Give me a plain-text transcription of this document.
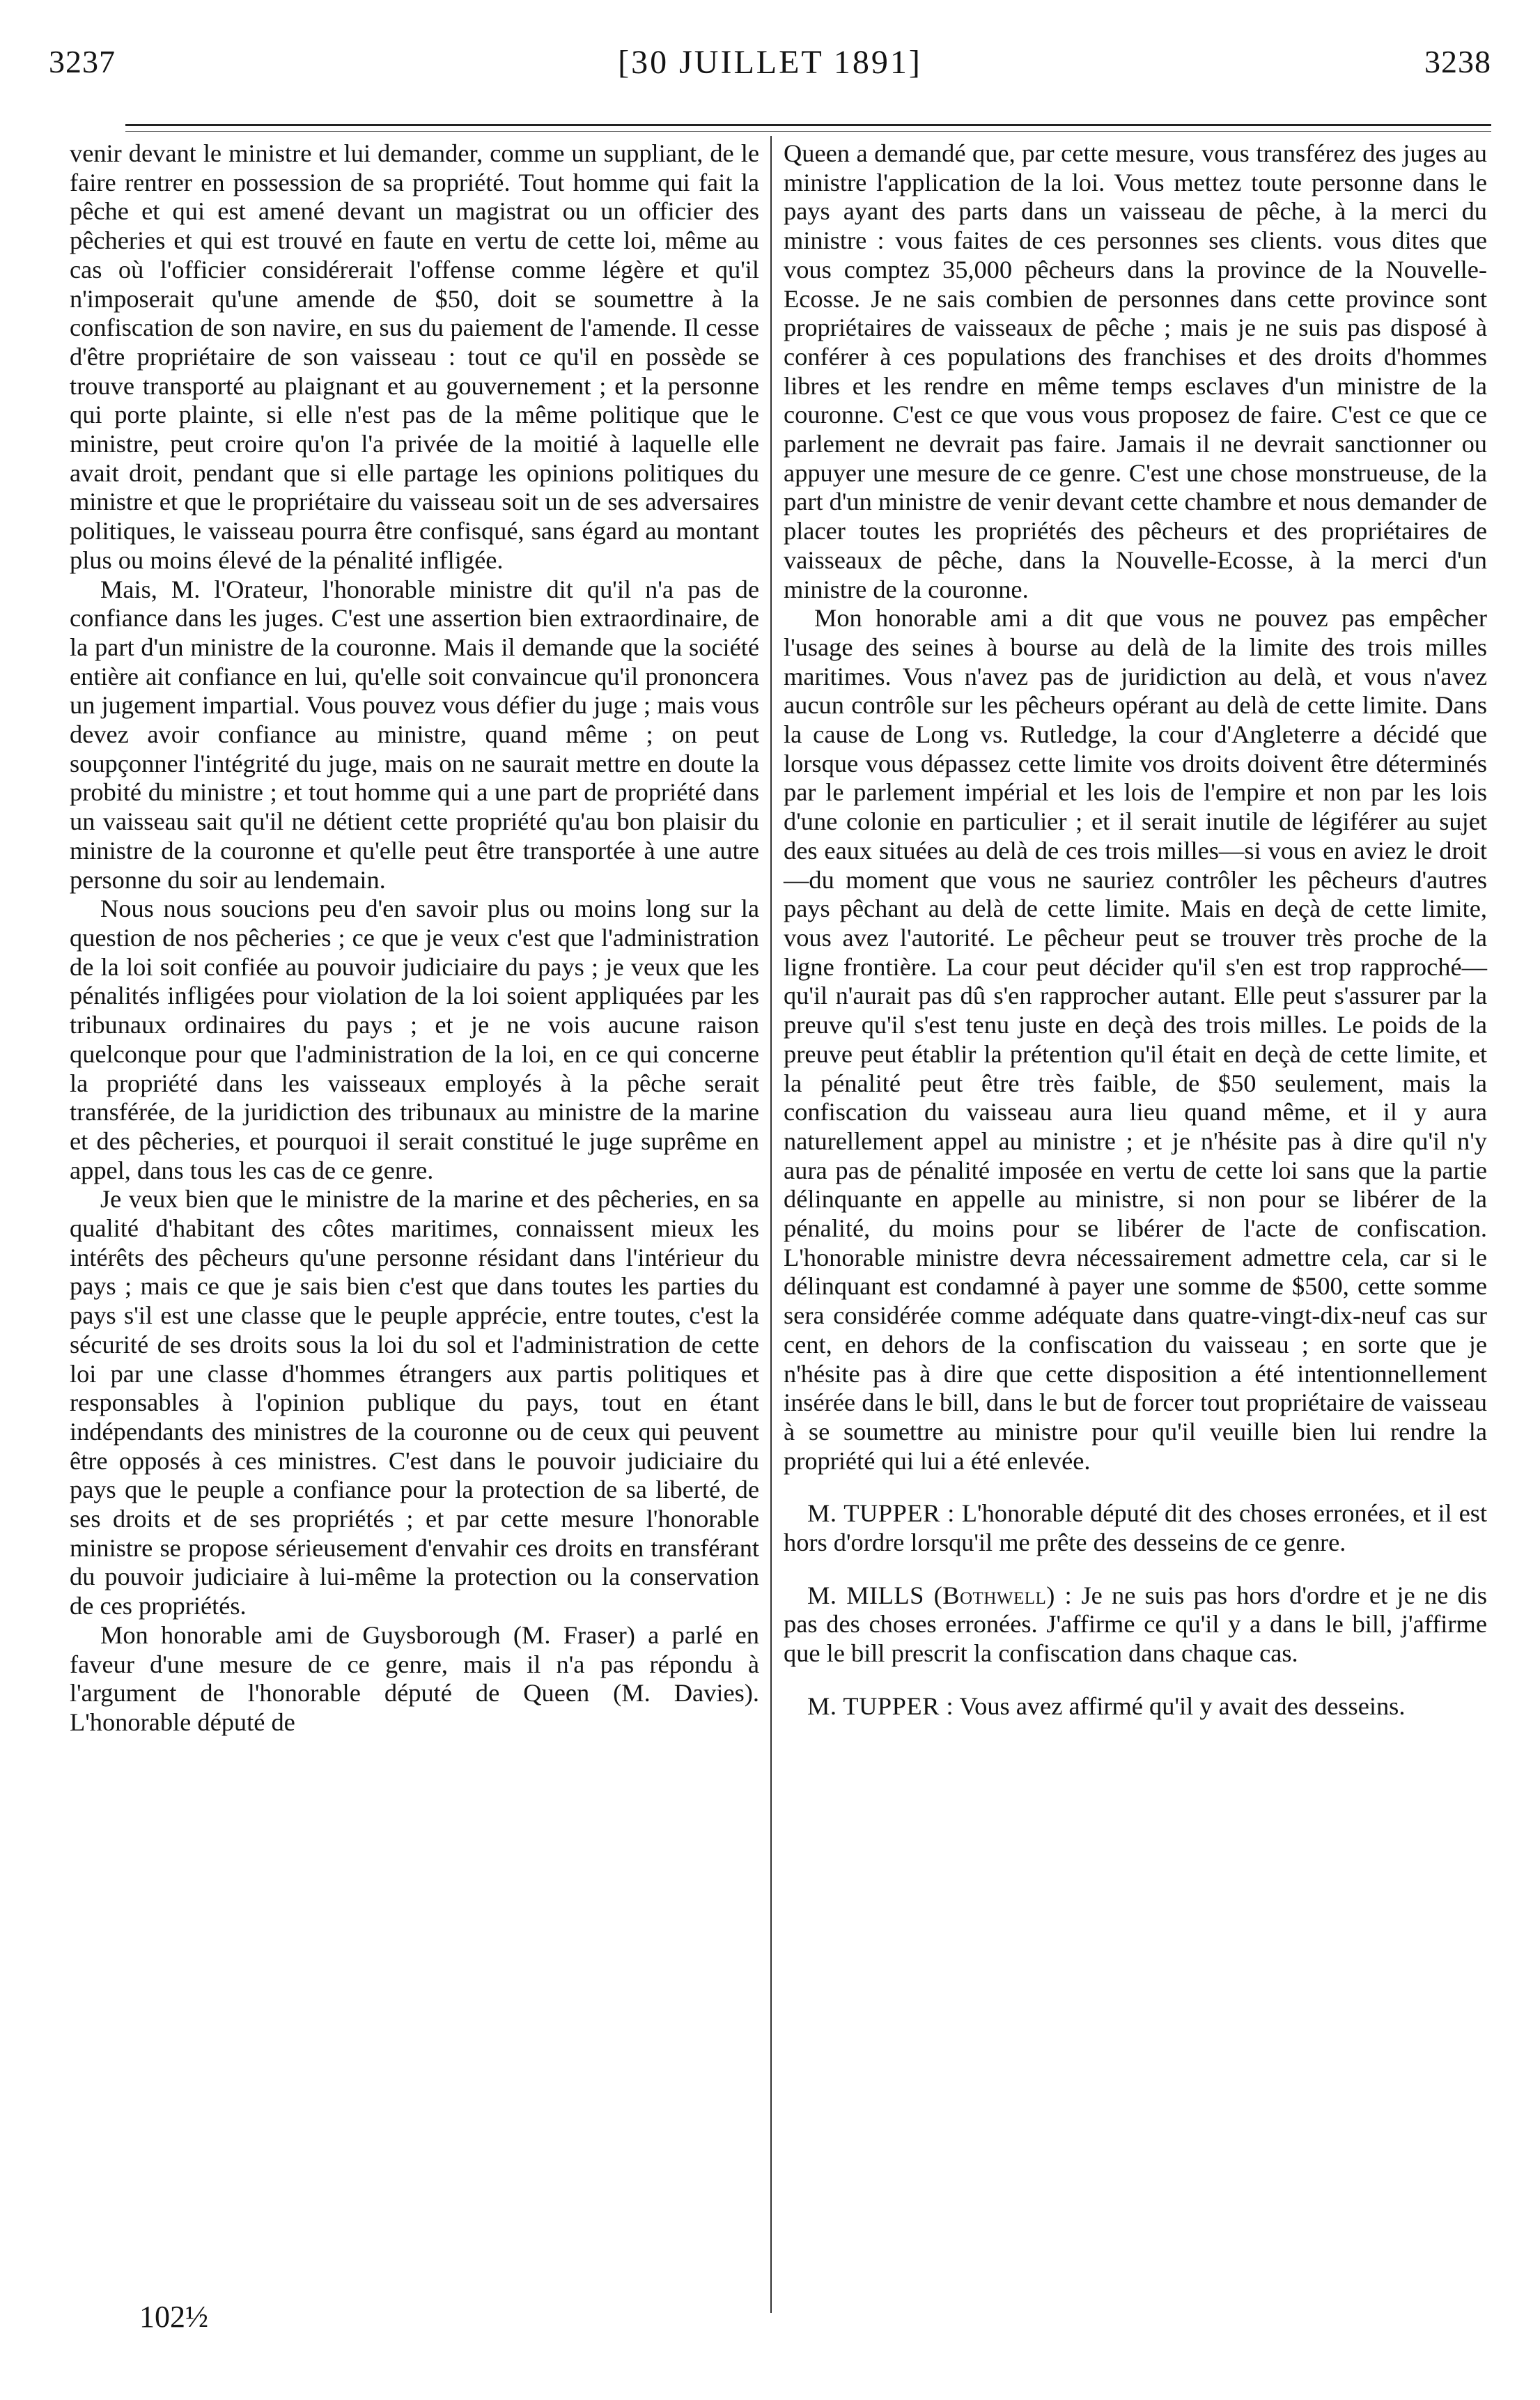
3237	[30 JUILLET 1891]	3238

venir devant le ministre et lui demander, comme un suppliant, de le faire rentrer en possession de sa propriété. Tout homme qui fait la pêche et qui est amené devant un magistrat ou un officier des pêcheries et qui est trouvé en faute en vertu de cette loi, même au cas où l'officier considérerait l'offense comme légère et qu'il n'imposerait qu'une amende de $50, doit se soumettre à la confiscation de son navire, en sus du paiement de l'amende. Il cesse d'être propriétaire de son vaisseau : tout ce qu'il en possède se trouve transporté au plaignant et au gouvernement ; et la personne qui porte plainte, si elle n'est pas de la même politique que le ministre, peut croire qu'on l'a privée de la moitié à laquelle elle avait droit, pendant que si elle partage les opinions politiques du ministre et que le propriétaire du vaisseau soit un de ses adversaires politiques, le vaisseau pourra être confisqué, sans égard au montant plus ou moins élevé de la pénalité infligée.

Mais, M. l'Orateur, l'honorable ministre dit qu'il n'a pas de confiance dans les juges. C'est une assertion bien extraordinaire, de la part d'un ministre de la couronne. Mais il demande que la société entière ait confiance en lui, qu'elle soit convaincue qu'il prononcera un jugement impartial. Vous pouvez vous défier du juge ; mais vous devez avoir confiance au ministre, quand même ; on peut soupçonner l'intégrité du juge, mais on ne saurait mettre en doute la probité du ministre ; et tout homme qui a une part de propriété dans un vaisseau sait qu'il ne détient cette propriété qu'au bon plaisir du ministre de la couronne et qu'elle peut être transportée à une autre personne du soir au lendemain.

Nous nous soucions peu d'en savoir plus ou moins long sur la question de nos pêcheries ; ce que je veux c'est que l'administration de la loi soit confiée au pouvoir judiciaire du pays ; je veux que les pénalités infligées pour violation de la loi soient appliquées par les tribunaux ordinaires du pays ; et je ne vois aucune raison quelconque pour que l'administration de la loi, en ce qui concerne la propriété dans les vaisseaux employés à la pêche serait transférée, de la juridiction des tribunaux au ministre de la marine et des pêcheries, et pourquoi il serait constitué le juge suprême en appel, dans tous les cas de ce genre.

Je veux bien que le ministre de la marine et des pêcheries, en sa qualité d'habitant des côtes maritimes, connaissent mieux les intérêts des pêcheurs qu'une personne résidant dans l'intérieur du pays ; mais ce que je sais bien c'est que dans toutes les parties du pays s'il est une classe que le peuple apprécie, entre toutes, c'est la sécurité de ses droits sous la loi du sol et l'administration de cette loi par une classe d'hommes étrangers aux partis politiques et responsables à l'opinion publique du pays, tout en étant indépendants des ministres de la couronne ou de ceux qui peuvent être opposés à ces ministres. C'est dans le pouvoir judiciaire du pays que le peuple a confiance pour la protection de sa liberté, de ses droits et de ses propriétés ; et par cette mesure l'honorable ministre se propose sérieusement d'envahir ces droits en transférant du pouvoir judiciaire à lui-même la protection ou la conservation de ces propriétés.

Mon honorable ami de Guysborough (M. Fraser) a parlé en faveur d'une mesure de ce genre, mais il n'a pas répondu à l'argument de l'honorable député de Queen (M. Davies). L'honorable député de

Queen a demandé que, par cette mesure, vous transférez des juges au ministre l'application de la loi. Vous mettez toute personne dans le pays ayant des parts dans un vaisseau de pêche, à la merci du ministre : vous faites de ces personnes ses clients. vous dites que vous comptez 35,000 pêcheurs dans la province de la Nouvelle-Ecosse. Je ne sais combien de personnes dans cette province sont propriétaires de vaisseaux de pêche ; mais je ne suis pas disposé à conférer à ces populations des franchises et des droits d'hommes libres et les rendre en même temps esclaves d'un ministre de la couronne. C'est ce que vous vous proposez de faire. C'est ce que ce parlement ne devrait pas faire. Jamais il ne devrait sanctionner ou appuyer une mesure de ce genre. C'est une chose monstrueuse, de la part d'un ministre de venir devant cette chambre et nous demander de placer toutes les propriétés des pêcheurs et des propriétaires de vaisseaux de pêche, dans la Nouvelle-Ecosse, à la merci d'un ministre de la couronne.

Mon honorable ami a dit que vous ne pouvez pas empêcher l'usage des seines à bourse au delà de la limite des trois milles maritimes. Vous n'avez pas de juridiction au delà, et vous n'avez aucun contrôle sur les pêcheurs opérant au delà de cette limite. Dans la cause de Long vs. Rutledge, la cour d'Angleterre a décidé que lorsque vous dépassez cette limite vos droits doivent être déterminés par le parlement impérial et les lois de l'empire et non par les lois d'une colonie en particulier ; et il serait inutile de légiférer au sujet des eaux situées au delà de ces trois milles—si vous en aviez le droit—du moment que vous ne sauriez contrôler les pêcheurs d'autres pays pêchant au delà de cette limite. Mais en deçà de cette limite, vous avez l'autorité. Le pêcheur peut se trouver très proche de la ligne frontière. La cour peut décider qu'il s'en est trop rapproché—qu'il n'aurait pas dû s'en rapprocher autant. Elle peut s'assurer par la preuve qu'il s'est tenu juste en deçà des trois milles. Le poids de la preuve peut établir la prétention qu'il était en deçà de cette limite, et la pénalité peut être très faible, de $50 seulement, mais la confiscation du vaisseau aura lieu quand même, et il y aura naturellement appel au ministre ; et je n'hésite pas à dire qu'il n'y aura pas de pénalité imposée en vertu de cette loi sans que la partie délinquante en appelle au ministre, si non pour se libérer de la pénalité, du moins pour se libérer de l'acte de confiscation. L'honorable ministre devra nécessairement admettre cela, car si le délinquant est condamné à payer une somme de $500, cette somme sera considérée comme adéquate dans quatre-vingt-dix-neuf cas sur cent, en dehors de la confiscation du vaisseau ; en sorte que je n'hésite pas à dire que cette disposition a été intentionnellement insérée dans le bill, dans le but de forcer tout propriétaire de vaisseau à se soumettre au ministre pour qu'il veuille bien lui rendre la propriété qui lui a été enlevée.

M. TUPPER : L'honorable député dit des choses erronées, et il est hors d'ordre lorsqu'il me prête des desseins de ce genre.

M. MILLS (Bothwell) : Je ne suis pas hors d'ordre et je ne dis pas des choses erronées. J'affirme ce qu'il y a dans le bill, j'affirme que le bill prescrit la confiscation dans chaque cas.

M. TUPPER : Vous avez affirmé qu'il y avait des desseins.

102½
